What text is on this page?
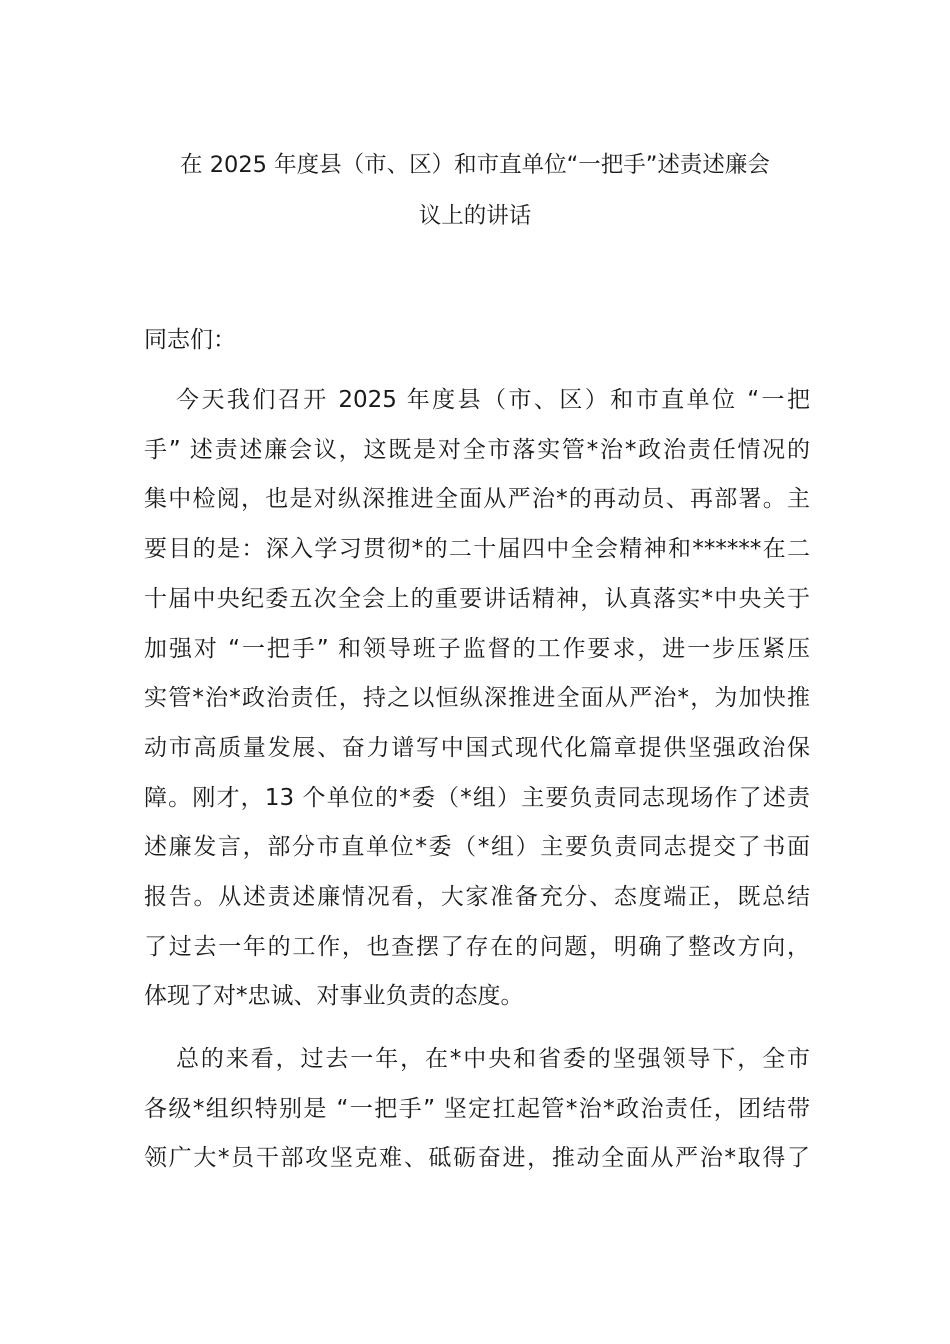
在 2025 年度县（市、区）和市直单位“一把手”述责述廉会
议上的讲话

同志们：

今天我们召开 2025 年度县（市、区）和市直单位 “一把
手” 述责述廉会议，这既是对全市落实管*治*政治责任情况的
集中检阅，也是对纵深推进全面从严治*的再动员、再部署。主
要目的是：深入学习贯彻*的二十届四中全会精神和******在二
十届中央纪委五次全会上的重要讲话精神，认真落实*中央关于
加强对 “一把手” 和领导班子监督的工作要求，进一步压紧压
实管*治*政治责任，持之以恒纵深推进全面从严治*，为加快推
动市高质量发展、奋力谱写中国式现代化篇章提供坚强政治保
障。刚才，13 个单位的*委（*组）主要负责同志现场作了述责
述廉发言，部分市直单位*委（*组）主要负责同志提交了书面
报告。从述责述廉情况看，大家准备充分、态度端正，既总结
了过去一年的工作，也查摆了存在的问题，明确了整改方向，
体现了对*忠诚、对事业负责的态度。

总的来看，过去一年，在*中央和省委的坚强领导下，全市
各级*组织特别是 “一把手” 坚定扛起管*治*政治责任，团结带
领广大*员干部攻坚克难、砥砺奋进，推动全面从严治*取得了
